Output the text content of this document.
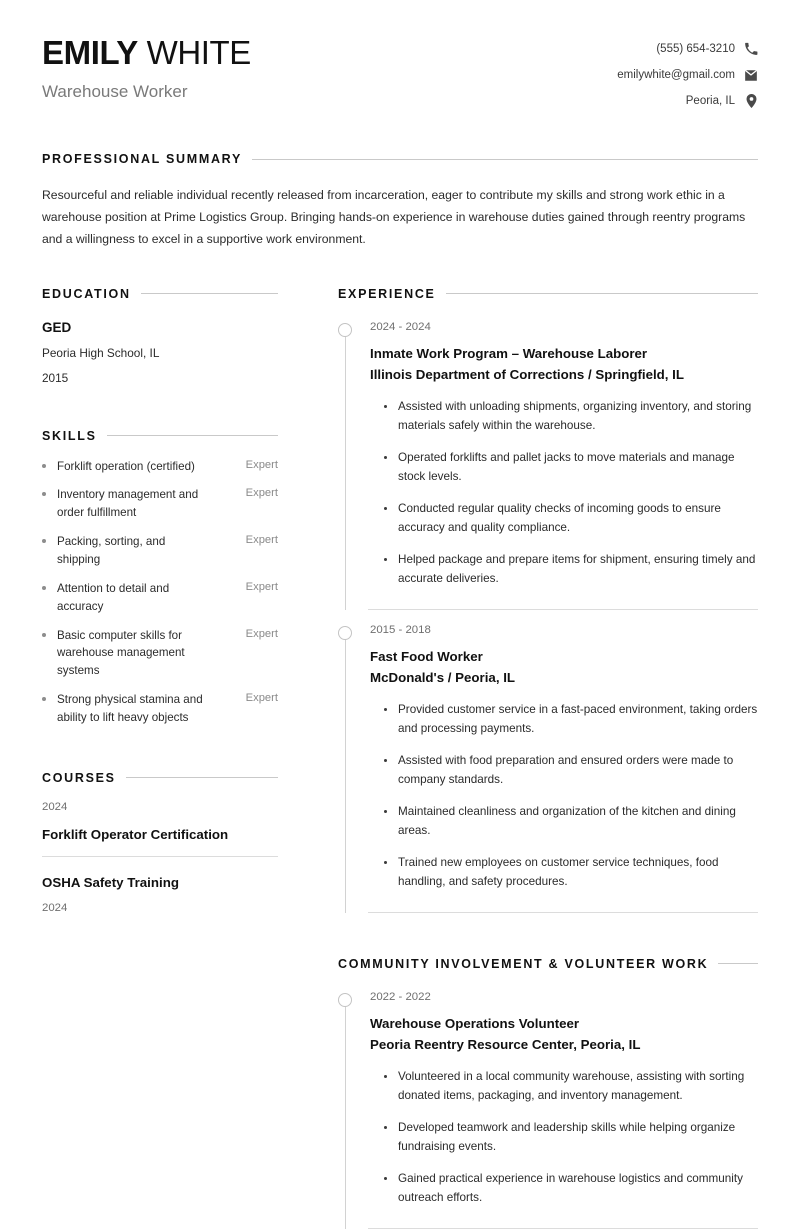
EMILY WHITE
Warehouse Worker
(555) 654-3210
emilywhite@gmail.com
Peoria, IL
PROFESSIONAL SUMMARY
Resourceful and reliable individual recently released from incarceration, eager to contribute my skills and strong work ethic in a warehouse position at Prime Logistics Group. Bringing hands-on experience in warehouse duties gained through reentry programs and a willingness to excel in a supportive work environment.
EDUCATION
GED
Peoria High School, IL
2015
SKILLS
Forklift operation (certified)	Expert
Inventory management and order fulfillment
Expert
Packing, sorting, and shipping
Expert
Attention to detail and accuracy
Expert
Basic computer skills for warehouse management systems
Expert
Strong physical stamina and ability to lift heavy objects
Expert
COURSES
2024
Forklift Operator Certification
OSHA Safety Training
2024
EXPERIENCE
2024 - 2024
Inmate Work Program – Warehouse Laborer
Illinois Department of Corrections / Springfield, IL
Assisted with unloading shipments, organizing inventory, and storing materials safely within the warehouse.
Operated forklifts and pallet jacks to move materials and manage stock levels.
Conducted regular quality checks of incoming goods to ensure accuracy and quality compliance.
Helped package and prepare items for shipment, ensuring timely and accurate deliveries.
2015 - 2018
Fast Food Worker
McDonald's / Peoria, IL
Provided customer service in a fast-paced environment, taking orders and processing payments.
Assisted with food preparation and ensured orders were made to company standards.
Maintained cleanliness and organization of the kitchen and dining areas.
Trained new employees on customer service techniques, food handling, and safety procedures.
COMMUNITY INVOLVEMENT & VOLUNTEER WORK
2022 - 2022
Warehouse Operations Volunteer
Peoria Reentry Resource Center, Peoria, IL
Volunteered in a local community warehouse, assisting with sorting donated items, packaging, and inventory management.
Developed teamwork and leadership skills while helping organize fundraising events.
Gained practical experience in warehouse logistics and community outreach efforts.
